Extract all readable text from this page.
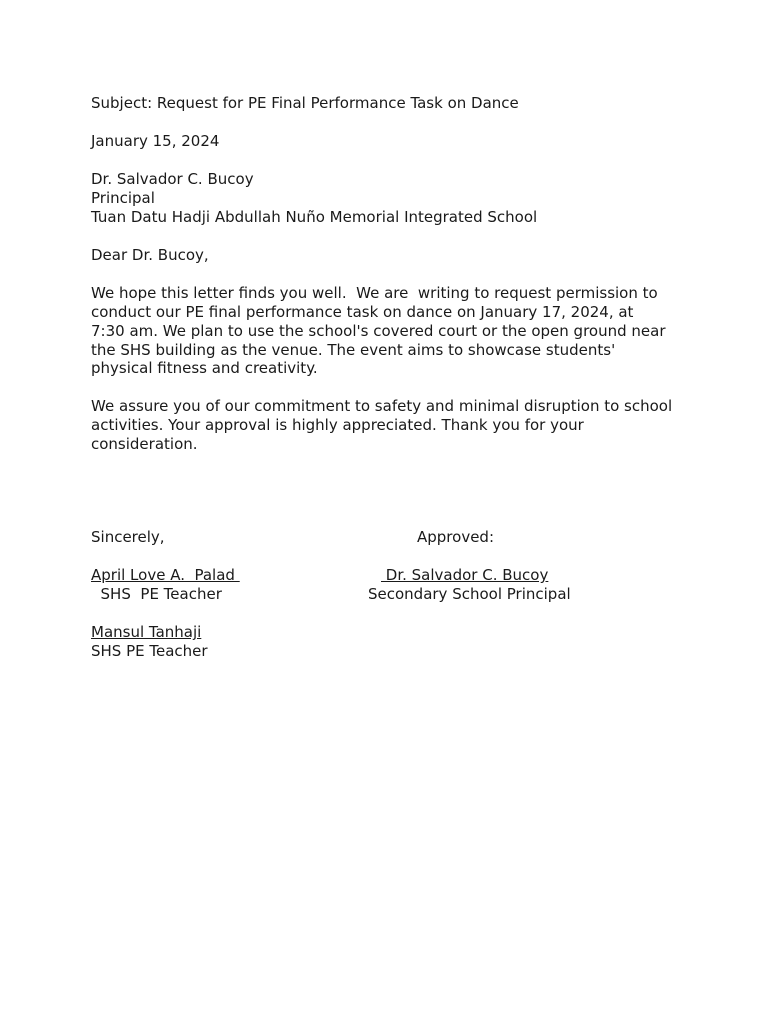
Subject: Request for PE Final Performance Task on Dance
January 15, 2024
Dr. Salvador C. Bucoy
Principal
Tuan Datu Hadji Abdullah Nuño Memorial Integrated School
Dear Dr. Bucoy,
We hope this letter finds you well.  We are  writing to request permission to
conduct our PE final performance task on dance on January 17, 2024, at
7:30 am. We plan to use the school's covered court or the open ground near
the SHS building as the venue. The event aims to showcase students'
physical fitness and creativity.
We assure you of our commitment to safety and minimal disruption to school
activities. Your approval is highly appreciated. Thank you for your
consideration.
Sincerely,	Approved:
April Love A.  Palad
SHS  PE Teacher
Dr. Salvador C. Bucoy
Secondary School Principal
Mansul Tanhaji
SHS PE Teacher
